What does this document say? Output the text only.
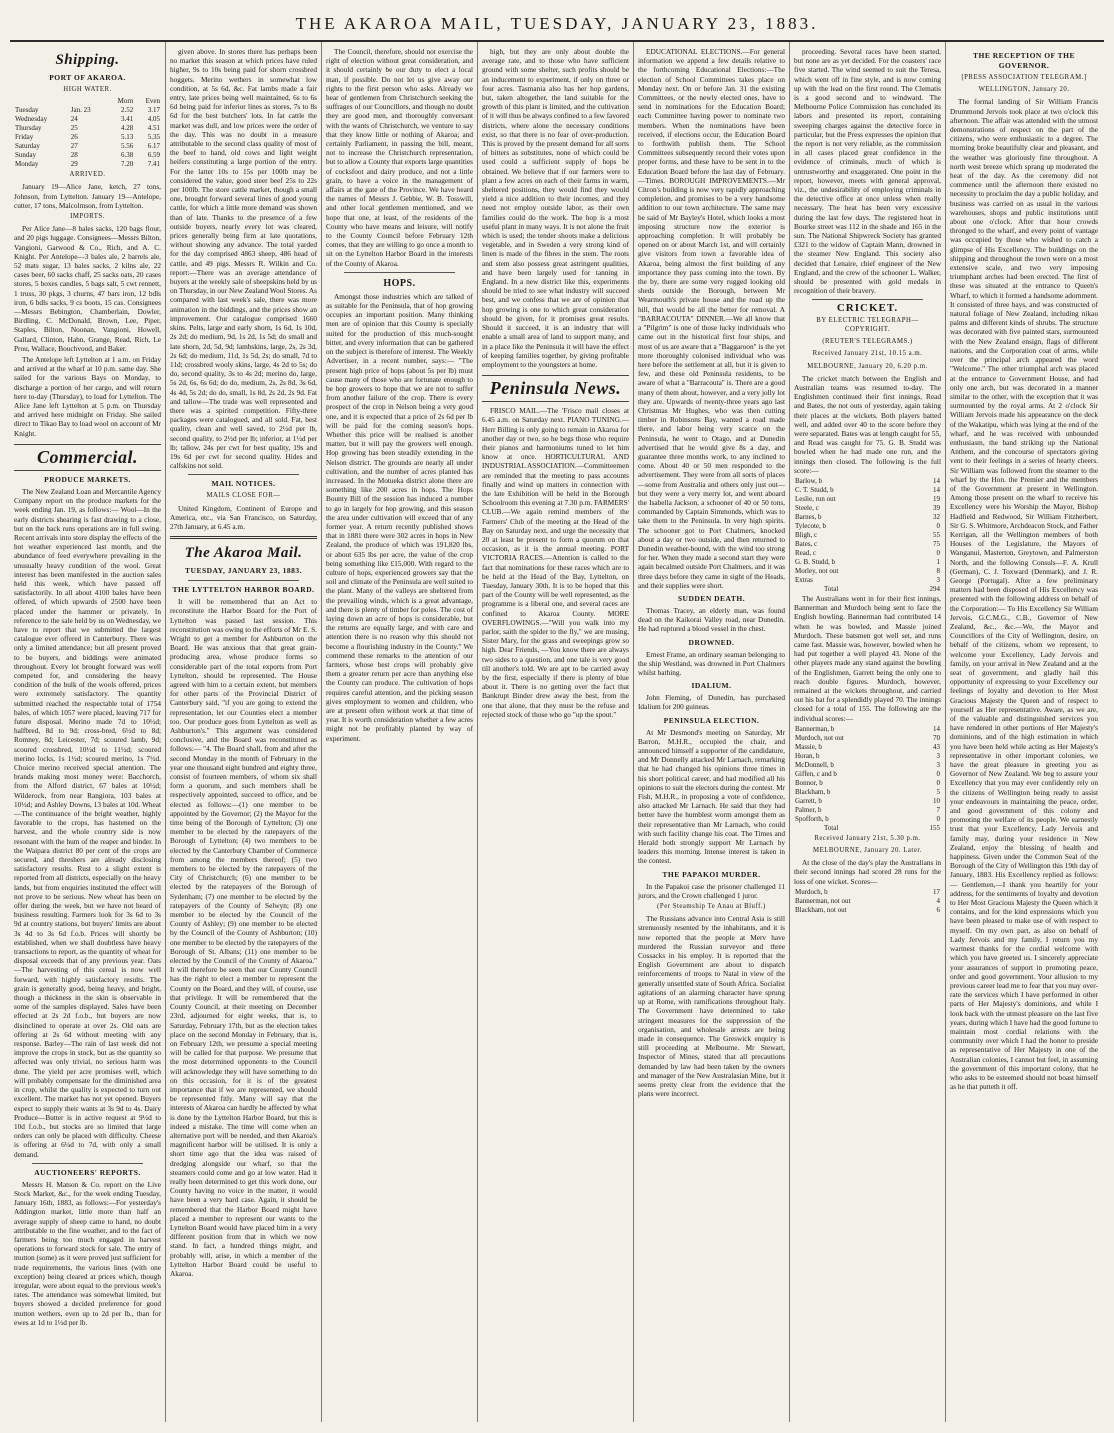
THE AKAROA MAIL, TUESDAY, JANUARY 23, 1883.
Shipping.
PORT OF AKAROA.
HIGH WATER.
		Morn	Even
Tuesday	Jan. 23	2.52	3.17
Wednesday	24	3.41	4.05
Thursday	25	4.28	4.51
Friday	26	5.13	5.35
Saturday	27	5.56	6.17
Sunday	28	6.38	6.59
Monday	29	7.20	7.41
ARRIVED.

January 19—Alice Jane, ketch, 27 tons, Johnson, from Lyttelton. January 19—Antelope, cutter, 17 tons, Malcolmson, from Lyttelton.

IMPORTS.

Per Alice Jane—8 bales sacks, 120 bags flour, and 20 pigs luggage. Consignees—Messrs Bilton, Vangioni, Garwood & Co., Rich, and A. C. Knight. Per Antelope—3 bales ale, 2 barrels ale, 52 mats sugar, 13 bales sacks, 2 kilns ale, 22 cases beer, 60 sacks chaff, 25 sacks oats, 20 cases stores, 5 boxes candles, 5 bags salt, 5 cwt rennett, 1 truss, 30 pkgs, 3 churns, 47 bars iron, 12 bdls iron, 6 bdls sacks, 9 cs boots, 15 cas. Consignees—Messrs Bebington, Chamberlain, Dowler, Birdling, C. McDonald, Brown, Lee, Piper, Staples, Bilton, Noonan, Vangioni, Howell, Gallard, Clinton, Hahn, Grange, Read, Rich, Le Prou, Wallace, Bouchvood, and Baker.

The Antelope left Lyttelton at 1 a.m. on Friday and arrived at the wharf at 10 p.m. same day. She sailed for the various Bays on Monday, to discharge a portion of her cargo, and will return here to-day (Thursday), to load for Lyttelton. The Alice Jane left Lyttelton at 5 p.m. on Thursday and arrived here midnight on Friday. She sailed direct to Tikao Bay to load wool on account of Mr Knight.

Commercial.
PRODUCE MARKETS.

The New Zealand Loan and Mercantile Agency Company report on the produce markets for the week ending Jan. 19, as follows:— Wool—In the early districts shearing is fast drawing to a close, but on the back runs operations are in full swing. Recent arrivals into store display the effects of the hot weather experienced last month, and the abundance of feed everywhere prevailing in the unusually heavy condition of the wool. Great interest has been manifested in the auction sales held this week, which have passed off satisfactorily. In all about 4100 bales have been offered, of which upwards of 2500 have been placed under the hammer or privately. In reference to the sale held by us on Wednesday, we have to report that we submitted the largest catalogue ever offered in Canterbury. There was only a limited attendance; but all present proved to be buyers, and biddings were animated throughout. Every lot brought forward was well competed for, and considering the heavy condition of the bulk of the wools offered, prices were extremely satisfactory. The quantity submitted reached the respectable total of 1754 bales, of which 1057 were placed, leaving 717 for future disposal. Merino made 7d to 10½d; halfbred, 8d to 9d; cross-bred, 6½d to 8d; Romney, 8d; Leicester, 7d; scoured lamb, 9d; scoured crossbred, 10½d to 11½d; scoured merino locks, 1s 1½d; scoured merino, 1s 7½d. Choice merino received special attention. The brands making most money were: Bacchorch, from the Alford district, 67 bales at 10½d; Wilderock, from near Rangiora, 103 bales at 10½d; and Ashley Downs, 13 bales at 10d. Wheat—The continuance of the bright weather, highly favorable to the crops, has hastened on the harvest, and the whole country side is now resonant with the hum of the reaper and binder. In the Waipara district 80 per cent of the crops are secured, and threshers are already disclosing satisfactory results. Rust to a slight extent is reported from all districts, especially on the heavy lands, but from enquiries instituted the effect will not prove to be serious. New wheat has been on offer during the week, but we have not heard of business resulting. Farmers look for 3s 6d to 3s 9d at country stations, but buyers' limits are about 3s 4d to 3s 6d f.o.b. Prices will shortly be established, when we shall doubtless have heavy transactions to report, as the quantity of wheat for disposal exceeds that of any previous year. Oats—The harvesting of this cereal is now well forward, with highly satisfactory results. The grain is generally good, being heavy, and bright, though a thickness in the skin is observable in some of the samples displayed. Sales have been effected at 2s 2d f.o.b., but buyers are now disinclined to operate at over 2s. Old oats are offering at 2s 6d without meeting with any response. Barley—The rain of last week did not improve the crops in stock, but as the quantity so affected was only trivial, no serious harm was done. The yield per acre promises well, which will probably compensate for the diminished area in crop, whilst the quality is expected to turn out excellent. The market has not yet opened. Buyers expect to supply their wants at 3s 9d to 4s. Dairy Produce—Butter is in active request at 9½d to 10d f.o.b., but stocks are so limited that large orders can only be placed with difficulty. Cheese is offering at 6¼d to 7d, with only a small demand.

AUCTIONEERS' REPORTS.

Messrs H. Matson & Co. report on the Live Stock Market, &c., for the week ending Tuesday, January 16th, 1883, as follows:—For yesterday's Addington market, little more than half an average supply of sheep came to hand, no doubt attributable to the fine weather, and to the fact of farmers being too much engaged in harvest operations to forward stock for sale. The entry of mutton (some) as it were proved just sufficient for trade requirements, the various lines (with one exception) being cleared at prices which, though irregular, were about equal to the previous week's rates. The attendance was somewhat limited, but buyers showed a decided preference for good mutton wethers, even up to 2d per lb., than for ewes at 1d to 1½d per lb.

given above. In stores there has perhaps been no market this season at which prices have ruled higher, 9s to 10s being paid for shorn crossbred hoggets. Merino wethers in somewhat low condition, at 5s 6d, &c. Fat lambs made a fair entry, late prices being well maintained, 6s to 6s 6d being paid for inferior lines as stores, 7s to 8s 6d for the best butchers' lots. In fat cattle the market was dull, and low prices were the order of the day. This was no doubt in a measure attributable to the second class quality of most of the beef to hand, old cows and light weight heifers constituting a large portion of the entry. For the latter 10s to 15s per 100lb may be considered the value, good steer beef 25s to 22s per 100lb. The store cattle market, though a small one, brought forward several lines of good young cattle, for which a little more demand was shown than of late. Thanks to the presence of a few outside buyers, nearly every lot was cleared, prices generally being firm at late quotations, without showing any advance. The total yarded for the day comprised 4863 sheep, 486 head of cattle, and 49 pigs. Messrs R. Wilkin and Co. report:—There was an average attendance of buyers at the weekly sale of sheepskins held by us on Thursday, in our New Zealand Wool Stores. As compared with last week's sale, there was more animation in the biddings, and the prices show an improvement. Our catalogue comprised 1660 skins. Pelts, large and early shorn, 1s 6d, 1s 10d, 2s 2d; do medium, 9d, 1s 2d, 1s 5d; do small and late shorn, 2d, 5d, 9d; lambskins, large, 2s, 2s 3d, 2s 6d; do medium, 11d, 1s 5d, 2s; do small, 7d to 11d; crossbred wooly skins, large, 4s 2d to 5s; do do, second quality, 3s to 4s 2d; merino do, large, 5s 2d, 6s, 6s 6d; do do, medium, 2s, 2s 8d, 3s 6d, 4s 4d, 5s 2d; do do, small, 1s 8d, 2s 2d, 2s 9d. Fat and tallow—The trade was well represented and there was a spirited competition. Fifty-three packages were catalogued, and all sold. Fat, best quality, clean and well saved, to 2½d per lb, second quality, to 2½d per lb; inferior, at 1½d per lb; tallow, 24s per cwt for best quality, 19s and 19s 6d per cwt for second quality. Hides and calfskins not sold.

MAIL NOTICES.
MAILS CLOSE FOR—

United Kingdom, Continent of Europe and America, etc., via San Francisco, on Saturday, 27th January, at 6.45 a.m.

The Akaroa Mail.
TUESDAY, JANUARY 23, 1883.
THE LYTTELTON HARBOR BOARD.

It will be remembered that an Act to reconstitute the Harbor Board for the Port of Lyttelton was passed last session. This reconstitution was owing to the efforts of Mr E. S. Wright to get a member for Ashburton on the Board. He was anxious that that great grain-producing area, whose produce forms so considerable part of the total exports from Port Lyttelton, should be represented. The House agreed with him to a certain extent, but members for other parts of the Provincial District of Canterbury said, "if you are going to extend the representation, let our Counties elect a member too. Our produce goes from Lyttelton as well as Ashburton's." This argument was considered conclusive, and the Board was reconstituted as follows:— "4. The Board shall, from and after the second Monday in the month of February in the year one thousand eight hundred and eighty three, consist of fourteen members, of whom six shall form a quorum, and such members shall be respectively appointed, succeed to office, and be elected as follows:—(1) one member to be appointed by the Governor; (2) the Mayor for the time being of the Borough of Lyttelton; (3) one member to be elected by the ratepayers of the Borough of Lyttelton; (4) two members to be elected by the Canterbury Chamber of Commerce from among the members thereof; (5) two members to be elected by the ratepayers of the City of Christchurch; (6) one member to be elected by the ratepayers of the Borough of Sydenham; (7) one member to be elected by the ratepayers of the County of Selwyn; (8) one member to be elected by the Council of the County of Ashley; (9) one member to be elected by the Council of the County of Ashburton; (10) one member to be elected by the ratepayers of the Borough of St. Albans; (11) one member to be elected by the Council of the County of Akaroa." It will therefore be seen that our County Council has the right to elect a member to represent the County on the Board, and they will, of course, use that privilege. It will be remembered that the County Council, at their meeting on December 23rd, adjourned for eight weeks, that is, to Saturday, February 17th, but as the election takes place on the second Monday in February, that is, on February 12th, we presume a special meeting will be called for that purpose. We presume that the most determined opponents to the Council will acknowledge they will have something to do on this occasion, for it is of the greatest importance that if we are represented, we should be represented fitly. Many will say that the interests of Akaroa can hardly be affected by what is done by the Lyttelton Harbor Board, but this is indeed a mistake. The time will come when an alternative port will be needed, and then Akaroa's magnificent harbor will be utilised. It is only a short time ago that the idea was raised of dredging alongside our wharf, so that the steamers could come and go at low water. Had it really been determined to get this work done, our County having no voice in the matter, it would have been a very hard case. Again, it should be remembered that the Harbor Board might have placed a member to represent our wants to the Lyttelton Board would have placed him in a very different position from that in which we now stand. In fact, a hundred things might, and probably will, arise, in which a member of the Lyttelton Harbor Board could be useful to Akaroa.

The Council, therefore, should not exercise the right of election without great consideration, and it should certainly be our duty to elect a local man, if possible. Do not let us give away our rights to the first person who asks. Already we hear of gentlemen from Christchurch seeking the suffrages of our Councillors, and though no doubt they are good men, and thoroughly conversant with the wants of Christchurch, we venture to say that they know little or nothing of Akaroa; and certainly Parliament, in passing the bill, meant, not to increase the Christchurch representation, but to allow a County that exports large quantities of cocksfoot and dairy produce, and not a little grain, to have a voice in the management of affairs at the gate of the Province. We have heard the names of Messrs J. Gebbie, W. B. Tosswill, and other local gentlemen mentioned, and we hope that one, at least, of the residents of the County who have means and leisure, will notify to the County Council before February 12th comes, that they are willing to go once a month to sit on the Lyttelton Harbor Board in the interests of the County of Akaroa.

HOPS.

Amongst those industries which are talked of as suitable for the Peninsula, that of hop growing occupies an important position. Many thinking men are of opinion that this County is specially suited for the production of this much-sought bitter, and every information that can be gathered on the subject is therefore of interest. The Weekly Advertiser, in a recent number, says:— "The present high price of hops (about 5s per lb) must cause many of those who are fortunate enough to be hop growers to hope that we are not to suffer from another failure of the crop. There is every prospect of the crop in Nelson being a very good one, and it is expected that a price of 2s 6d per lb will be paid for the coming season's hops. Whether this price will be realised is another matter, but it will pay the growers well enough. Hop growing has been steadily extending in the Nelson district. The grounds are nearly all under cultivation, and the number of acres planted has increased. In the Motueka district alone there are something like 200 acres in hops. The Hops Bounty Bill of the session has induced a number to go in largely for hop growing, and this season the area under cultivation will exceed that of any former year. A return recently published shows that in 1881 there were 302 acres in hops in New Zealand, the produce of which was 191,820 lbs, or about 635 lbs per acre, the value of the crop being something like £15,000. With regard to the culture of hops, experienced growers say that the soil and climate of the Peninsula are well suited to the plant. Many of the valleys are sheltered from the prevailing winds, which is a great advantage, and there is plenty of timber for poles. The cost of laying down an acre of hops is considerable, but the returns are equally large, and with care and attention there is no reason why this should not become a flourishing industry in the County." We commend these remarks to the attention of our farmers, whose best crops will probably give them a greater return per acre than anything else the County can produce. The cultivation of hops requires careful attention, and the picking season gives employment to women and children, who are at present often without work at that time of year. It is worth consideration whether a few acres might not be profitably planted by way of experiment.

high, but they are only about double the average rate, and to those who have sufficient ground with some shelter, such profits should be an inducement to experiment, if only on three or four acres. Tasmania also has her hop gardens, but, taken altogether, the land suitable for the growth of this plant is limited, and the cultivation of it will thus be always confined to a few favored districts, where alone the necessary conditions exist, so that there is no fear of over-production. This is proved by the present demand for all sorts of bitters as substitutes, none of which could be used could a sufficient supply of hops be obtained. We believe that if our farmers were to plant a few acres on each of their farms in warm, sheltered positions, they would find they would yield a nice addition to their incomes, and they need not employ outside labor, as their own families could do the work. The hop is a most useful plant in many ways. It is not alone the fruit which is used; the tender shoots make a delicious vegetable, and in Sweden a very strong kind of linen is made of the fibres in the stem. The roots and stem also possess great astringent qualities, and have been largely used for tanning in England. In a new district like this, experiments should be tried to see what industry will succeed best, and we confess that we are of opinion that hop growing is one to which great consideration should be given, for it promises great results. Should it succeed, it is an industry that will enable a small area of land to support many, and in a place like the Peninsula it will have the effect of keeping families together, by giving profitable employment to the youngsters at home.

Peninsula News.

FRISCO MAIL.—The 'Frisco mail closes at 6.45 a.m. on Saturday next. PIANO TUNING.—Herr Billing is only going to remain in Akaroa for another day or two, so he begs those who require their pianos and harmoniums tuned to let him know at once. HORTICULTURAL AND INDUSTRIAL ASSOCIATION.—Committeemen are reminded that the meeting to pass accounts finally and wind up matters in connection with the late Exhibition will be held in the Borough Schoolroom this evening at 7.30 p.m. FARMERS' CLUB.—We again remind members of the Farmers' Club of the meeting at the Head of the Bay on Saturday next, and urge the necessity that 20 at least be present to form a quorum on that occasion, as it is the annual meeting. PORT VICTORIA RACES.—Attention is called to the fact that nominations for these races which are to be held at the Head of the Bay, Lyttelton, on Tuesday, January 30th. It is to be hoped that this part of the County will be well represented, as the programme is a liberal one, and several races are confined to Akaroa County. MORE OVERFLOWINGS.—"Will you walk into my parlor, saith the spider to the fly," we are musing, Sister Mary, for the grass and sweepings grow so high. Dear Friends, —You know there are always two sides to a question, and one tale is very good till another's told. We are apt to be carried away by the first, especially if there is plenty of blue about it. There is no getting over the fact that Bankrupt Binder drew away the best, from the one that alone, that they must be the refuse and rejected stock of those who go "up the spout."

EDUCATIONAL ELECTIONS.—For general information we append a few details relative to the forthcoming Educational Elections:—The election of School Committees takes place on Monday next. On or before Jan. 31 the existing Committees, or the newly elected ones, have to send in nominations for the Education Board; each Committee having power to nominate two members. When the nominations have been received, if elections occur, the Education Board to forthwith publish them. The School Committees subsequently record their votes upon proper forms, and these have to be sent in to the Education Board before the last day of February.—Times. BOROUGH IMPROVEMENTS.—Mr Citron's building is now very rapidly approaching completion, and promises to be a very handsome addition to our town architecture. The same may be said of Mr Bayley's Hotel, which looks a most imposing structure now the exterior is approaching completion. It will probably be opened on or about March 1st, and will certainly give visitors from town a favorable idea of Akaroa, being almost the first building of any importance they pass coming into the town. By the by, there are some very rugged looking old sheds outside the Borough, between Mr Wearmouth's private house and the road up the hill, that would be all the better for removal. A "BARRACOUTA" DINNER.—We all know that a "Pilgrim" is one of those lucky individuals who came out in the historical first four ships, and most of us are aware that a "Baggaroon" is the yet more thoroughly colonised individual who was here before the settlement at all, but it is given to few, and these old Peninsula residents, to be aware of what a "Barracouta" is. There are a good many of them about, however, and a very jolly lot they are. Upwards of twenty-three years ago last Christmas Mr Hughes, who was then cutting timber in Robinsons Bay, wanted a road made there, and labor being very scarce on the Peninsula, he went to Otago, and at Dunedin advertised that he would give 8s a day, and guarantee three months work, to any inclined to come. About 40 or 50 men responded to the advertisement. They were from all sorts of places—some from Australia and others only just out—but they were a very merry lot, and went aboard the Isabella Jackson, a schooner of 40 or 50 tons, commanded by Captain Simmonds, which was to take them to the Peninsula. In very high spirits. The schooner got to Port Chalmers, knocked about a day or two outside, and then returned to Dunedin weather-bound, with the wind too strong for her. When they made a second start they were again becalmed outside Port Chalmers, and it was three days before they came in sight of the Heads, and their supplies were short.

SUDDEN DEATH.

Thomas Tracey, an elderly man, was found dead on the Kaikorai Valley road, near Dunedin. He had ruptured a blood vessel in the chest.

DROWNED.

Ernest Frame, an ordinary seaman belonging to the ship Westland, was drowned in Port Chalmers whilst bathing.

IDALIUM.

John Fleming, of Dunedin, has purchased Idalium for 200 guineas.

PENINSULA ELECTION.

At Mr Desmond's meeting on Saturday, Mr Barron, M.H.R., occupied the chair, and announced himself a supporter of the candidature, and Mr Donnelly attacked Mr Larnach, remarking that he had changed his opinions three times in his short political career, and had modified all his opinions to suit the electors during the contest. Mr Fish, M.H.R., in proposing a vote of confidence, also attacked Mr Larnach. He said that they had better have the humblest worm amongst them as their representative than Mr Larnach, who could with such facility change his coat. The Times and Herald both strongly support Mr Larnach by leaders this morning. Intense interest is taken in the contest.

THE PAPAKOI MURDER.

In the Papakoi case the prisoner challenged 11 jurors, and the Crown challenged 1 juror.

(Per Steamship Te Anau at Bluff.)

The Russians advance into Central Asia is still strenuously resented by the inhabitants, and it is now reported that the people at Merv have murdered the Russian surveyor and three Cossacks in his employ. It is reported that the English Government are about to dispatch reinforcements of troops to Natal in view of the generally unsettled state of South Africa. Socialist agitations of an alarming character have sprung up at Rome, with ramifications throughout Italy. The Government have determined to take stringent measures for the suppression of the organisation, and wholesale arrests are being made in consequence. The Greswick enquiry is still proceeding at Melbourne. Mr Stewart, Inspector of Mines, stated that all precautions demanded by law had been taken by the owners and manager of the New Australasian Mine, but it seems pretty clear from the evidence that the plans were incorrect.

proceeding. Several races have been started, but none are as yet decided. For the coasters' race five started. The wind seemed to suit the Teresa, which went off in fine style, and is now coming up with the lead on the first round. The Clematis is a good second and to windward. The Melbourne Police Commission has concluded its labors and presented its report, containing sweeping charges against the detective force in particular, but the Press expresses the opinion that the report is not very reliable, as the commission in all cases placed great confidence in the evidence of criminals, much of which is untrustworthy and exaggerated. One point in the report, however, meets with general approval, viz., the undesirability of employing criminals in the detective office at once unless when really necessary. The heat has been very excessive during the last few days. The registered heat in Bourke street was 112 in the shade and 165 in the sun. The National Shipwreck Society has granted £321 to the widow of Captain Mann, drowned in the steamer New England. This society also decided that Lenaire, chief engineer of the New England, and the crew of the schooner L. Walker, should be presented with gold medals in recognition of their bravery.

CRICKET.
BY ELECTRIC TELEGRAPH—COPYRIGHT.
(REUTER'S TELEGRAMS.)
Received January 21st, 10.15 a.m.
MELBOURNE, January 20, 6.20 p.m.

The cricket match between the English and Australian teams was resumed to-day. The Englishmen continued their first innings, Read and Bates, the not outs of yesterday, again taking their places at the wickets. Both players batted well, and added over 40 to the score before they were separated. Bates was at length caught for 55, and Read was caught for 75. G. B. Studd was bowled when he had made one run, and the innings then closed. The following is the full score:—

Barlow, b	14
C. T. Studd, b	14
Leslie, run out	19
Steele, c	39
Barnes, b	32
Tylecote, b	0
Bligh, c	55
Bates, c	75
Read, c	0
G. B. Studd, b	1
Morley, not out	8
Extras	3
Total	294

The Australians went in for their first innings, Bannerman and Murdoch being sent to face the English bowling. Bannerman had contributed 14 when he was bowled, and Massie joined Murdoch. These batsmen got well set, and runs came fast. Massie was, however, bowled when he had put together a well played 43. None of the other players made any stand against the bowling of the Englishmen, Garrett being the only one to reach double figures. Murdoch, however, remained at the wickets throughout, and carried out his bat for a splendidly played 70. The innings closed for a total of 155. The following are the individual scores:—

Bannerman, b	14
Murdoch, not out	70
Massie, b	43
Horan, b	3
McDonnell, b	3
Giffen, c and b	0
Bonnor, b	0
Blackham, b	5
Garrett, b	10
Palmer, b	7
Spofforth, b	0
Total	155
Received January 21st, 5.30 p.m.
MELBOURNE, January 20. Later.

At the close of the day's play the Australians in their second innings had scored 28 runs for the loss of one wicket. Scores—

Murdoch, b	17
Bannerman, not out	4
Blackham, not out	6
THE RECEPTION OF THE GOVERNOR.
[PRESS ASSOCIATION TELEGRAM.]
WELLINGTON, January 20.

The formal landing of Sir William Francis Drummond Jervois took place at two o'clock this afternoon. The affair was attended with the utmost demonstrations of respect on the part of the citizens, who were enthusiastic to a degree. The morning broke beautifully clear and pleasant, and the weather was gloriously fine throughout. A north west breeze which sprang up moderated the heat of the day. As the ceremony did not commence until the afternoon there existed no necessity to proclaim the day a public holiday, and business was carried on as usual in the various warehouses, shops and public institutions until about one o'clock. After that hour crowds thronged to the wharf, and every point of vantage was occupied by those who wished to catch a glimpse of His Excellency. The buildings on the shipping and throughout the town were on a most extensive scale, and two very imposing triumphant arches had been erected. The first of these was situated at the entrance to Queen's Wharf, to which it formed a handsome adornment. It consisted of three bays, and was constructed of natural foliage of New Zealand, including nikau palms and different kinds of shrubs. The structure was decorated with five painted stars, surmounted with the New Zealand ensign, flags of different nations, and the Corporation coat of arms, while over the principal arch appeared the word "Welcome." The other triumphal arch was placed at the entrance to Government House, and had only one arch, but was decorated in a manner similar to the other, with the exception that it was surmounted by the royal arms. At 2 o'clock Sir William Jervois made his appearance on the deck of the Wakatipu, which was lying at the end of the wharf, and he was received with unbounded enthusiasm, the band striking up the National Anthem, and the concourse of spectators giving vent to their feelings in a series of hearty cheers. Sir William was followed from the steamer to the wharf by the Hon. the Premier and the members of the Government at present in Wellington. Among those present on the wharf to receive his Excellency were his Worship the Mayor, Bishop Hadfield and Redwood, Sir William Fitzherbert, Sir G. S. Whitmore, Archdeacon Stock, and Father Kerrigan, all the Wellington members of both Houses of the Legislature, the Mayors of Wanganui, Masterton, Greytown, and Palmerston North, and the following Consuls—F. A. Krull (German), C. J. Toxward (Denmark), and J. R. George (Portugal). After a few preliminary matters had been disposed of His Excellency was presented with the following address on behalf of the Corporation:— To His Excellency Sir William Jervois, G.C.M.G., C.B., Governor of New Zealand, &c., &c.—We, the Mayor and Councillors of the City of Wellington, desire, on behalf of the citizens, whom we represent, to welcome your Excellency, Lady Jervois and family, on your arrival in New Zealand and at the seat of government, and gladly hail this opportunity of expressing to your Excellency our feelings of loyalty and devotion to Her Most Gracious Majesty the Queen and of respect to yourself as Her representative. Aware, as we are, of the valuable and distinguished services you have rendered in other portions of Her Majesty's dominions, and of the high estimation in which you have been held while acting as Her Majesty's representative in other important colonies, we have the great pleasure in greeting you as Governor of New Zealand. We beg to assure your Excellency that you may ever confidently rely on the citizens of Wellington being ready to assist your endeavours in maintaining the peace, order, and good government of this colony and promoting the welfare of its people. We earnestly trust that your Excellency, Lady Jervois and family may, during your residence in New Zealand, enjoy the blessing of health and happiness. Given under the Common Seal of the Borough of the City of Wellington this 19th day of January, 1883. His Excellency replied as follows:— Gentlemen,—I thank you heartily for your address, for the sentiments of loyalty and devotion to Her Most Gracious Majesty the Queen which it contains, and for the kind expressions which you have been pleased to make use of with respect to myself. On my own part, as also on behalf of Lady Jervois and my family, I return you my warmest thanks for the cordial welcome with which you have greeted us. I sincerely appreciate your assurances of support in promoting peace, order and good government. Your allusion to my previous career lead me to fear that you may over-rate the services which I have performed in other parts of Her Majesty's dominions, and while I look back with the utmost pleasure on the last five years, during which I have had the good fortune to maintain most cordial relations with the community over which I had the honor to preside as representative of Her Majesty in one of the Australian colonies, I cannot but feel, in assuming the government of this important colony, that he who asks to be esteemed should not boast himself as he that putteth it off.
